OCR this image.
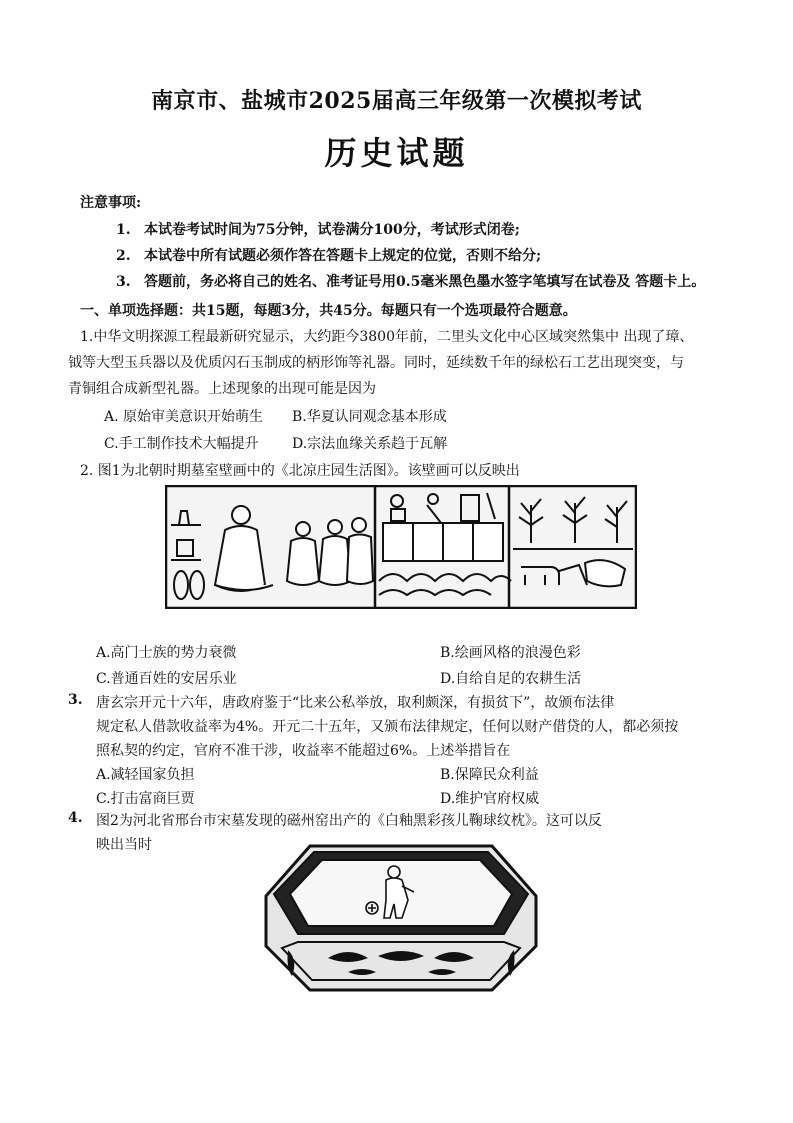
南京市、盐城市2025届高三年级第一次模拟考试
历史试题
注意事项:
1. 本试卷考试时间为75分钟，试卷满分100分，考试形式闭卷;
2. 本试卷中所有试题必须作答在答题卡上规定的位觉，否则不给分;
3. 答题前，务必将自己的姓名、准考证号用0.5毫米黑色墨水签字笔填写在试卷及 答题卡上。
一、单项选择题：共15题，每题3分，共45分。每题只有一个选项最符合题意。
1.中华文明探源工程最新研究显示，大约距今3800年前，二里头文化中心区域突然集中 出现了璋、
钺等大型玉兵器以及优质闪石玉制成的柄形饰等礼器。同时，延续数千年的绿松石工艺出现突变，与
青铜组合成新型礼器。上述现象的出现可能是因为
A. 原始审美意识开始萌生 B.华夏认同观念基本形成
C.手工制作技术大幅提升 D.宗法血缘关系趋于瓦解
2. 图1为北朝时期墓室壁画中的《北凉庄园生活图》。该壁画可以反映出
A.高门士族的势力衰微	B.绘画风格的浪漫色彩
C.普通百姓的安居乐业	D.自给自足的农耕生活
3. 唐玄宗开元十六年，唐政府鉴于“比来公私举放，取利颇深，有损贫下”，故颁布法律
规定私人借款收益率为4%。开元二十五年，又颁布法律规定，任何以财产借贷的人，都必须按
照私契的约定，官府不准干涉，收益率不能超过6%。上述举措旨在
A.减轻国家负担	B.保障民众利益
C.打击富商巨贾	D.维护官府权威
4. 图2为河北省邢台市宋墓发现的磁州窑出产的《白釉黑彩孩儿鞠球纹枕》。这可以反
映出当时
